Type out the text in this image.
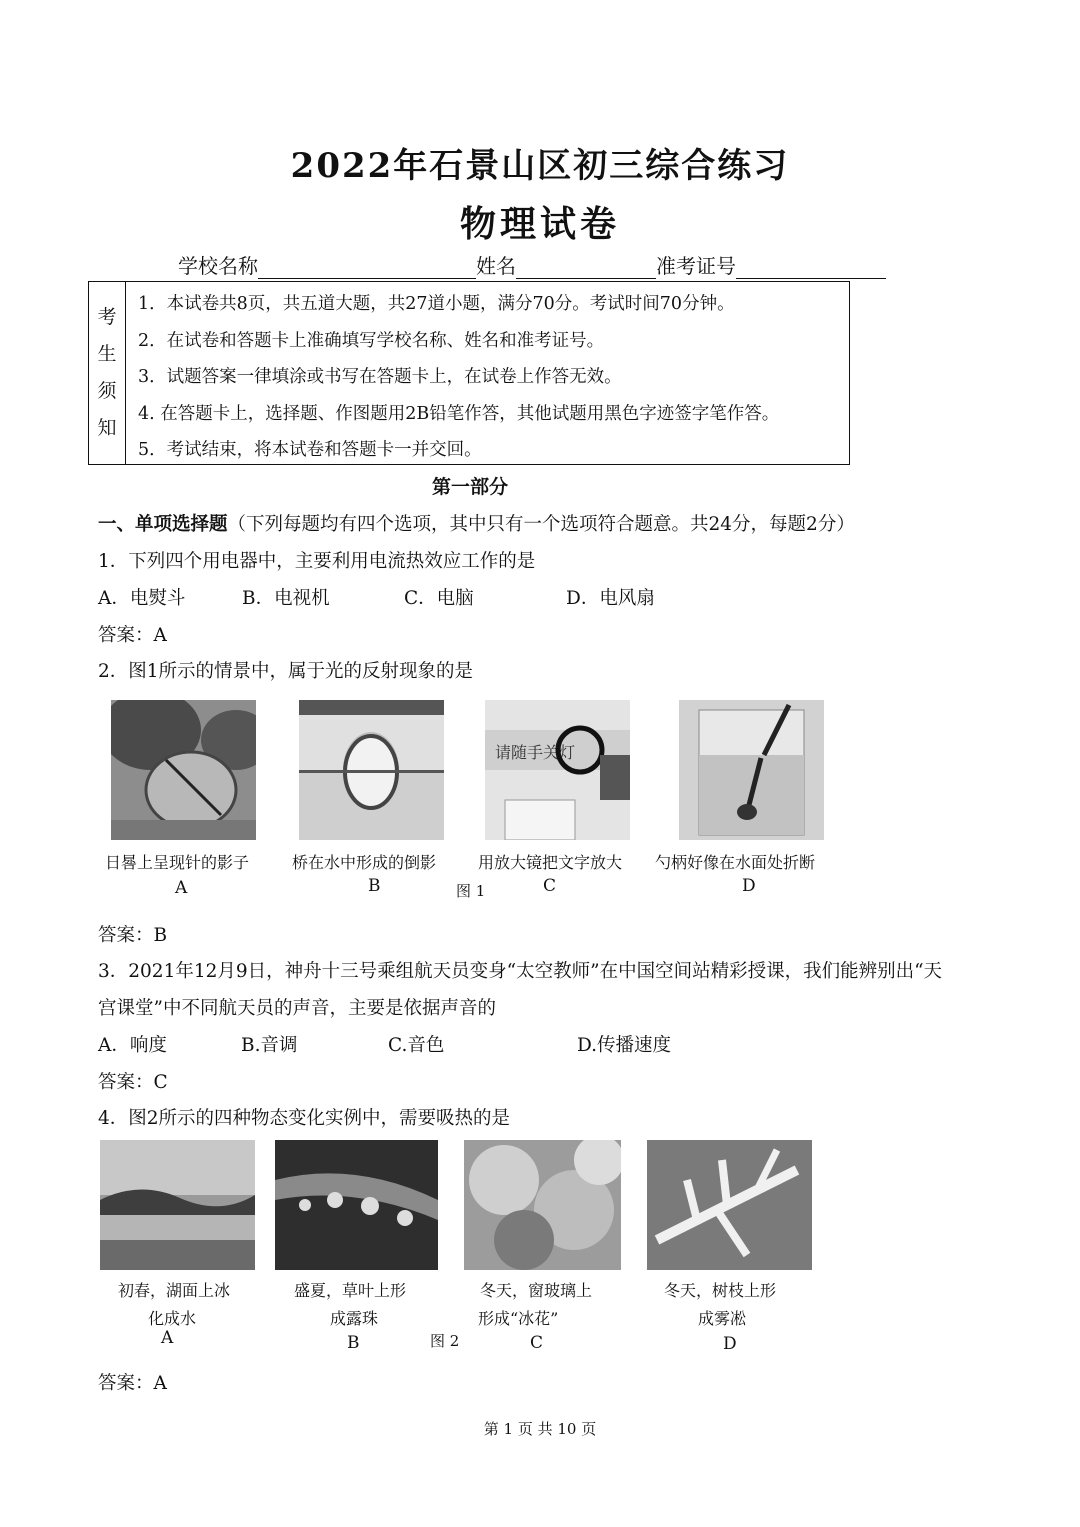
2022年石景山区初三综合练习
物理试卷
学校名称	姓名	准考证号
考
生
须
知
1．本试卷共8页，共五道大题，共27道小题，满分70分。考试时间70分钟。
2．在试卷和答题卡上准确填写学校名称、姓名和准考证号。
3．试题答案一律填涂或书写在答题卡上，在试卷上作答无效。
4. 在答题卡上，选择题、作图题用2B铅笔作答，其他试题用黑色字迹签字笔作答。
5．考试结束，将本试卷和答题卡一并交回。
第一部分
一、单项选择题（下列每题均有四个选项，其中只有一个选项符合题意。共24分，每题2分）
1．下列四个用电器中，主要利用电流热效应工作的是
A．电熨斗	B．电视机	C．电脑	D．电风扇
答案：A
2．图1所示的情景中，属于光的反射现象的是
请随手关灯
日晷上呈现针的影子	桥在水中形成的倒影	用放大镜把文字放大 勺柄好像在水面处折断
A	B	图 1	C	D
答案：B
3．2021年12月9日，神舟十三号乘组航天员变身“太空教师”在中国空间站精彩授课，我们能辨别出“天
宫课堂”中不同航天员的声音，主要是依据声音的
A．响度	B.音调	C.音色	D.传播速度
答案：C
4．图2所示的四种物态变化实例中，需要吸热的是
初春，湖面上冰	盛夏，草叶上形	冬天，窗玻璃上	冬天，树枝上形
化成水	成露珠	形成“冰花”	成雾凇
A	B	图 2	C	D
答案：A
第 1 页 共 10 页
